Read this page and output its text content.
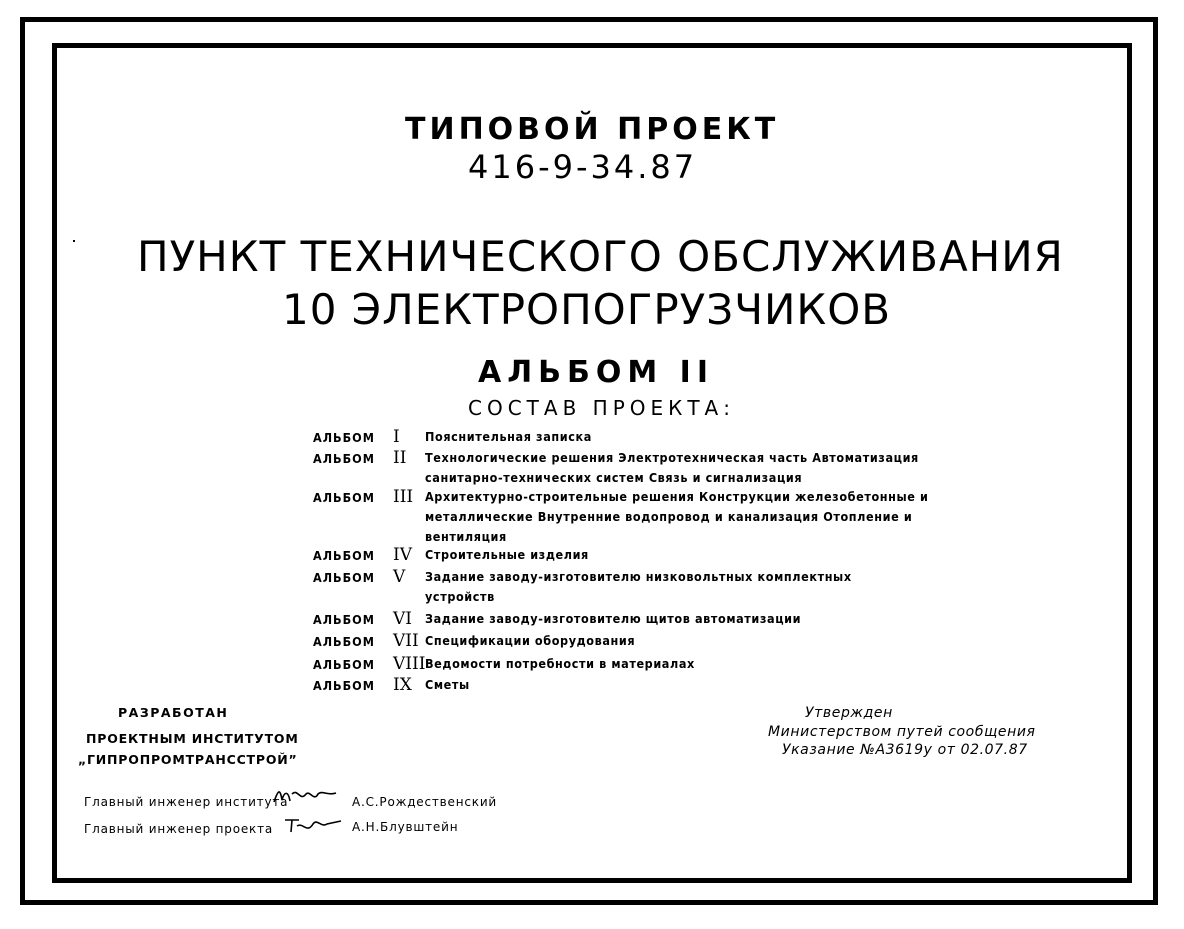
ТИПОВОЙ ПРОЕКТ
416-9-34.87
ПУНКТ ТЕХНИЧЕСКОГО ОБСЛУЖИВАНИЯ
10 ЭЛЕКТРОПОГРУЗЧИКОВ
АЛЬБОМ II
СОСТАВ ПРОЕКТА:
АЛЬБОМ I Пояснительная записка
АЛЬБОМ II Технологические решения Электротехническая часть Автоматизация
санитарно-технических систем Связь и сигнализация
АЛЬБОМ III Архитектурно-строительные решения Конструкции железобетонные и
металлические Внутренние водопровод и канализация Отопление и
вентиляция
АЛЬБОМ IV Строительные изделия
АЛЬБОМ V Задание заводу-изготовителю низковольтных комплектных
устройств
АЛЬБОМ VI Задание заводу-изготовителю щитов автоматизации
АЛЬБОМ VII Спецификации оборудования
АЛЬБОМ VIII Ведомости потребности в материалах
АЛЬБОМ IX Сметы
РАЗРАБОТАН
ПРОЕКТНЫМ ИНСТИТУТОМ
„ГИПРОПРОМТРАНССТРОЙ”
Главный инженер института	А.С.Рождественский
Главный инженер проекта	А.Н.Блувштейн
Утвержден
Министерством путей сообщения
Указание №А3619у от 02.07.87
